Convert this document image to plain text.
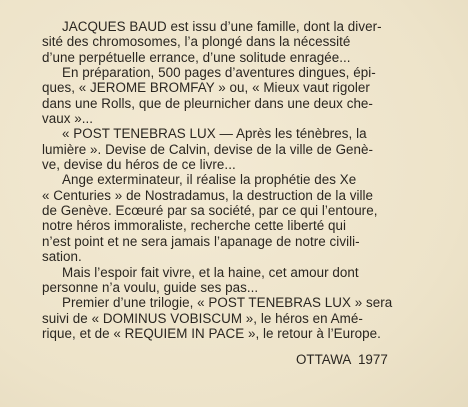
JACQUES BAUD est issu d’une famille, dont la diver-
sité des chromosomes, l’a plongé dans la nécessité
d’une perpétuelle errance, d’une solitude enragée...
En préparation, 500 pages d’aventures dingues, épi-
ques, « JEROME BROMFAY » ou, « Mieux vaut rigoler
dans une Rolls, que de pleurnicher dans une deux che-
vaux »...
« POST TENEBRAS LUX — Après les ténèbres, la
lumière ». Devise de Calvin, devise de la ville de Genè-
ve, devise du héros de ce livre...
Ange exterminateur, il réalise la prophétie des Xe
« Centuries » de Nostradamus, la destruction de la ville
de Genève. Ecœuré par sa société, par ce qui l’entoure,
notre héros immoraliste, recherche cette liberté qui
n’est point et ne sera jamais l’apanage de notre civili-
sation.
Mais l’espoir fait vivre, et la haine, cet amour dont
personne n’a voulu, guide ses pas...
Premier d’une trilogie, « POST TENEBRAS LUX » sera
suivi de « DOMINUS VOBISCUM », le héros en Amé-
rique, et de « REQUIEM IN PACE », le retour à l’Europe.
OTTAWA  1977
